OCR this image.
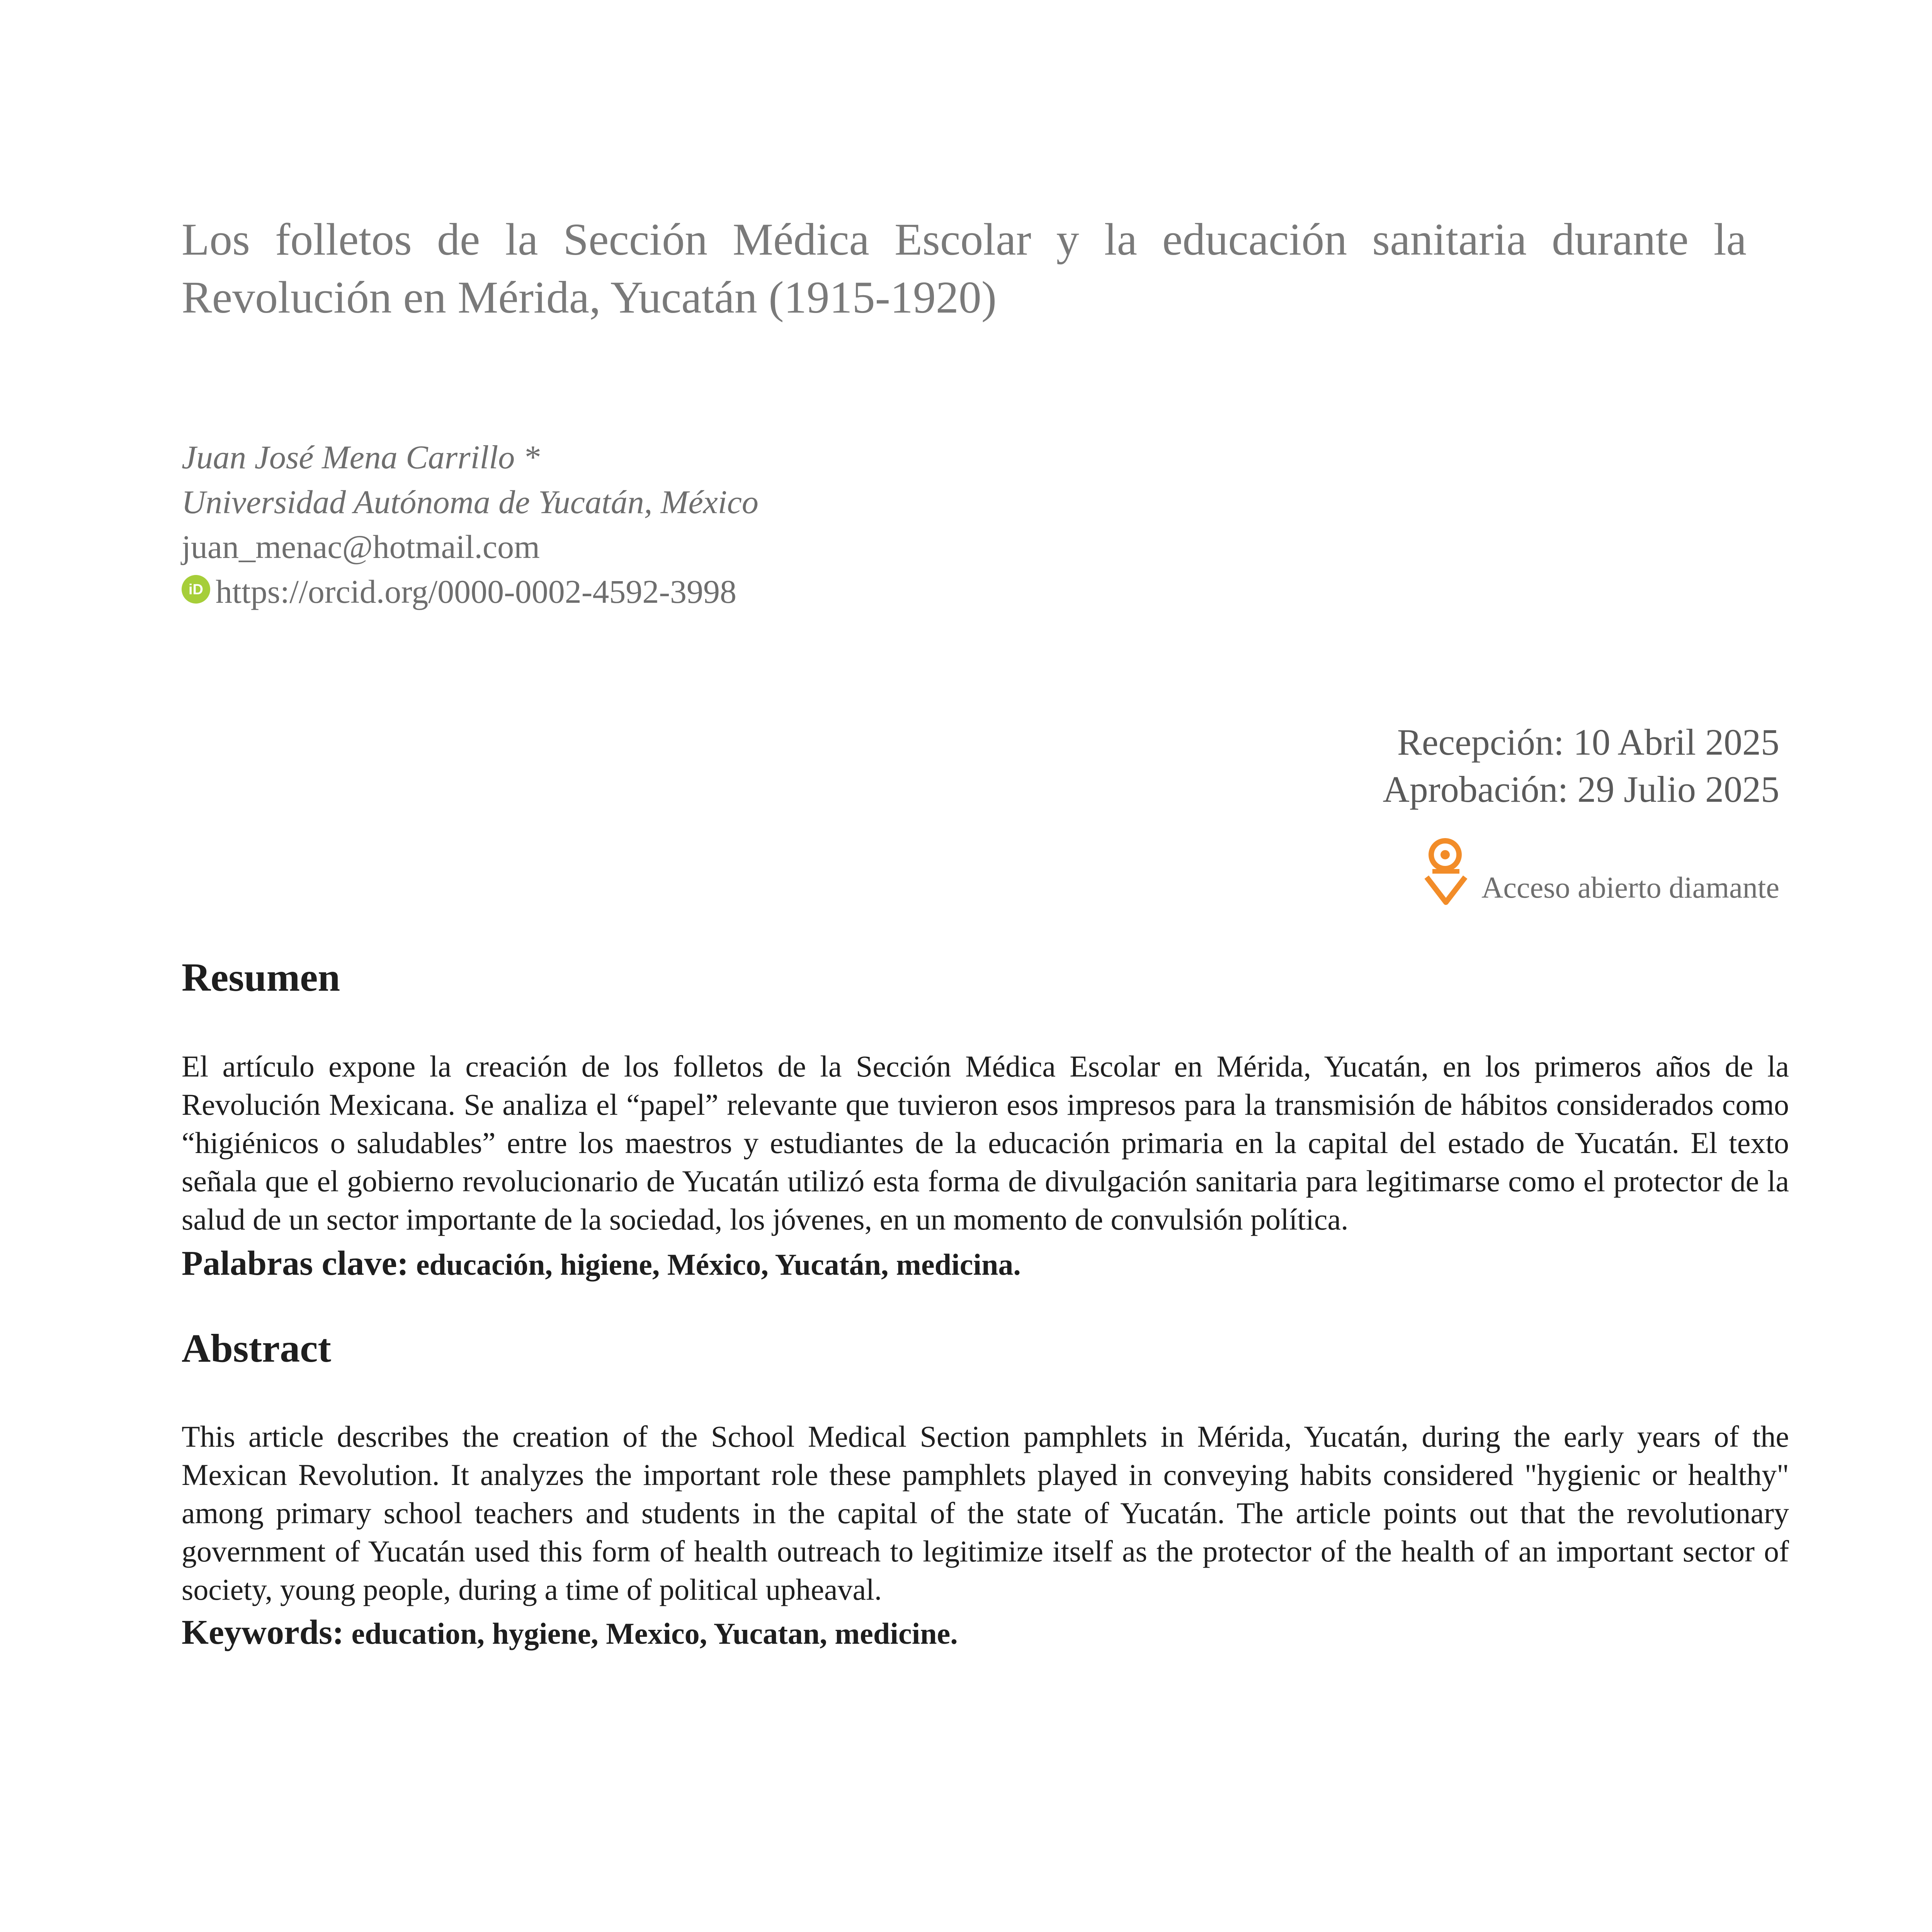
Los folletos de la Sección Médica Escolar y la educación sanitaria durante la Revolución en Mérida, Yucatán (1915-1920)
Juan José Mena Carrillo *
Universidad Autónoma de Yucatán, México
juan_menac@hotmail.com
iD https://orcid.org/0000-0002-4592-3998
Recepción: 10 Abril 2025
Aprobación: 29 Julio 2025
Acceso abierto diamante
Resumen
El artículo expone la creación de los folletos de la Sección Médica Escolar en Mérida, Yucatán, en los primeros años de la Revolución Mexicana. Se analiza el “papel” relevante que tuvieron esos impresos para la transmisión de hábitos considerados como “higiénicos o saludables” entre los maestros y estudiantes de la educación primaria en la capital del estado de Yucatán. El texto señala que el gobierno revolucionario de Yucatán utilizó esta forma de divulgación sanitaria para legitimarse como el protector de la salud de un sector importante de la sociedad, los jóvenes, en un momento de convulsión política.
Palabras clave: educación, higiene, México, Yucatán, medicina.
Abstract
This article describes the creation of the School Medical Section pamphlets in Mérida, Yucatán, during the early years of the Mexican Revolution. It analyzes the important role these pamphlets played in conveying habits considered "hygienic or healthy" among primary school teachers and students in the capital of the state of Yucatán. The article points out that the revolutionary government of Yucatán used this form of health outreach to legitimize itself as the protector of the health of an important sector of society, young people, during a time of political upheaval.
Keywords: education, hygiene, Mexico, Yucatan, medicine.
